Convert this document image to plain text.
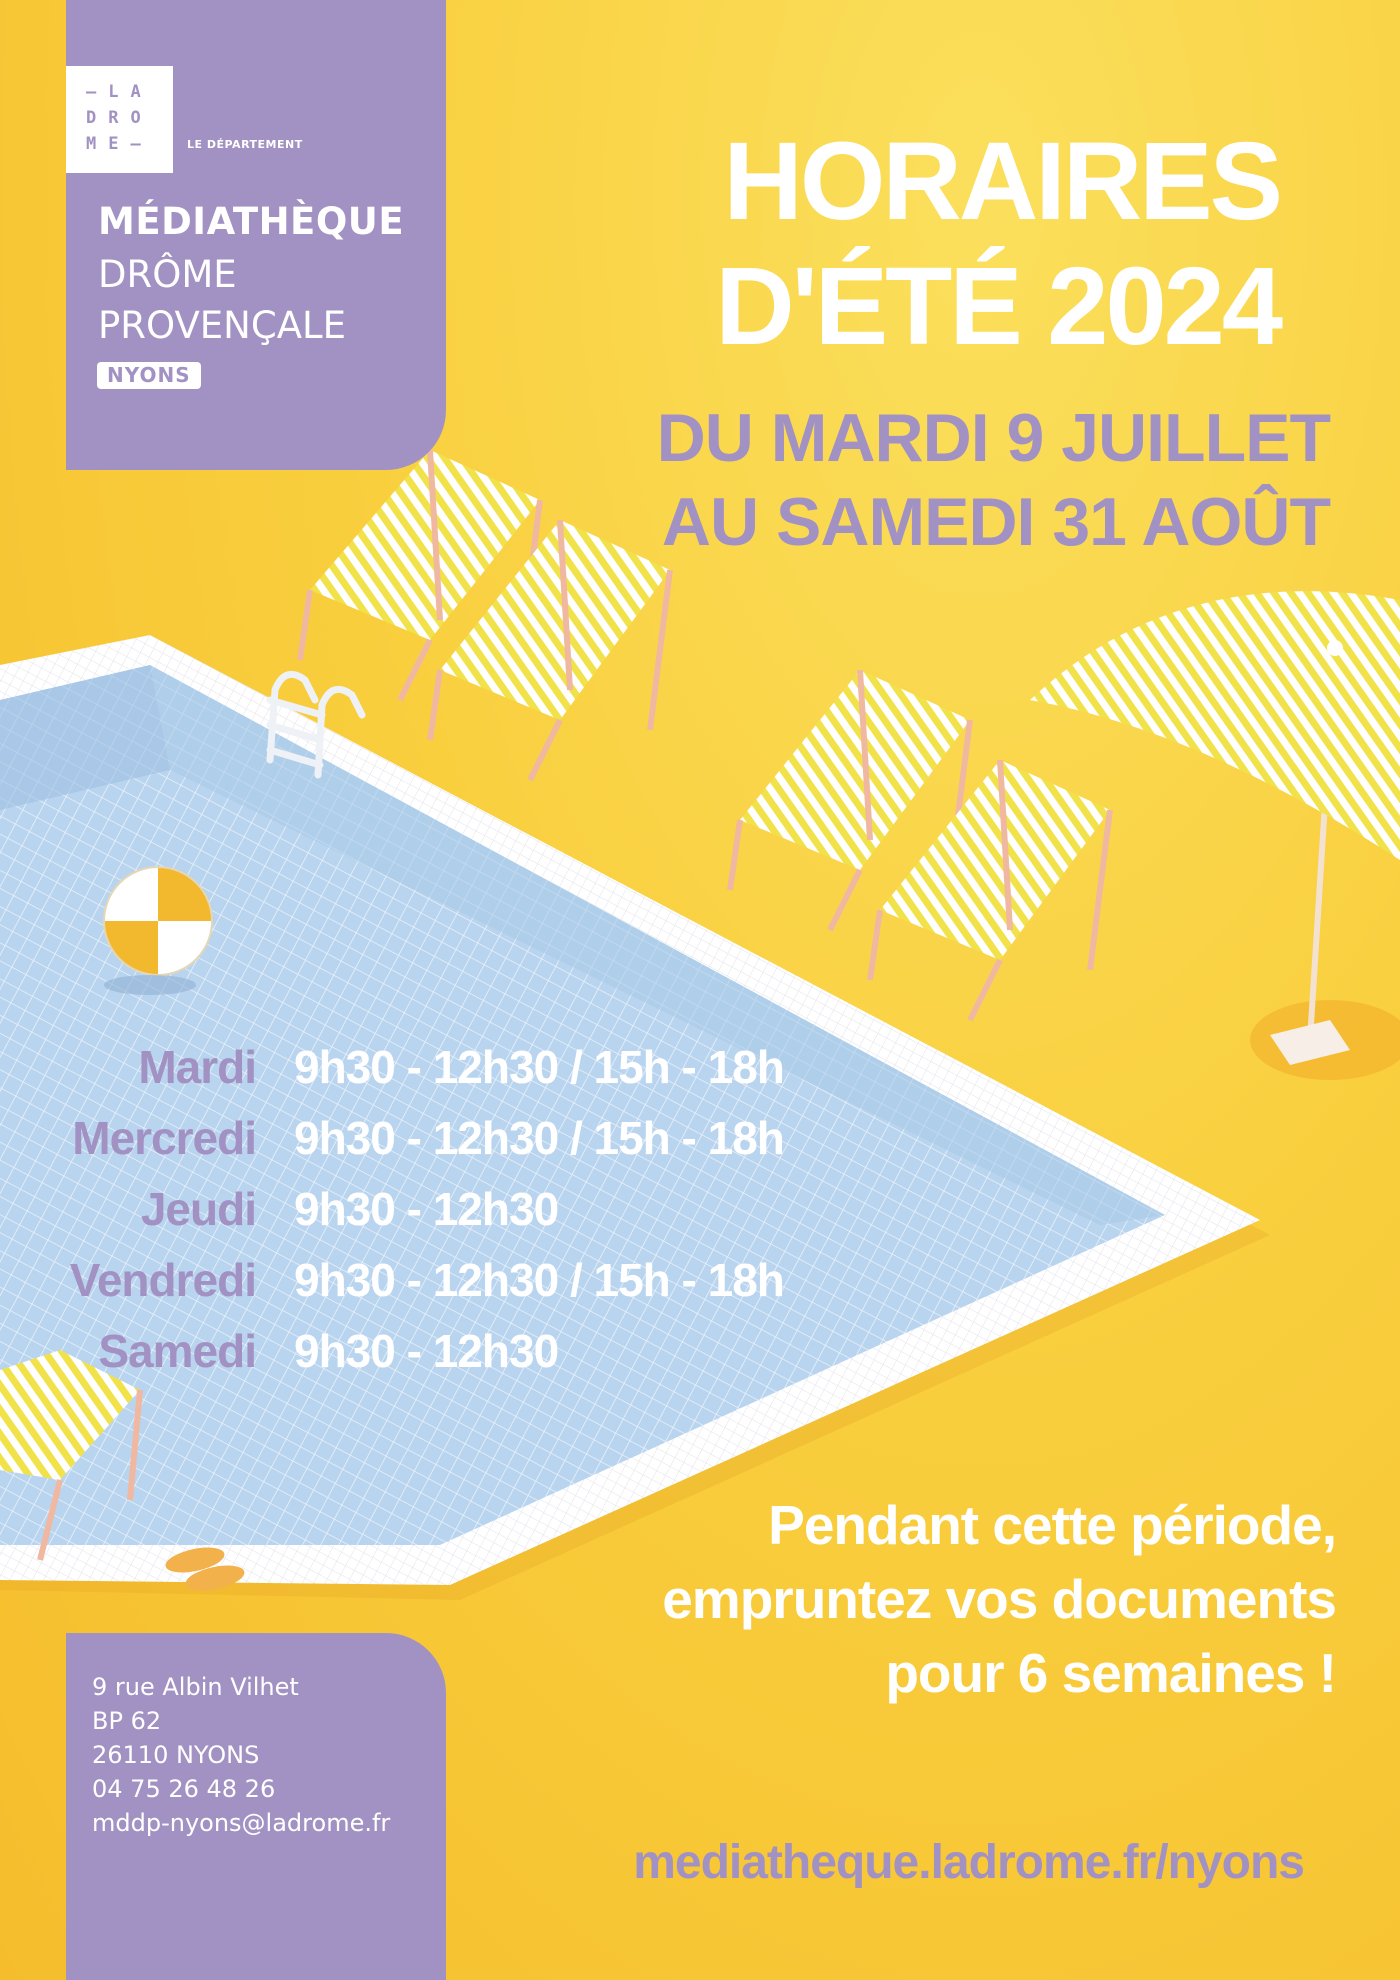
–LA
DRO
ME–	LE DÉPARTEMENT
MÉDIATHÈQUE
DRÔME
PROVENÇALE
NYONS
HORAIRES
D'ÉTÉ 2024
DU MARDI 9 JUILLET
AU SAMEDI 31 AOÛT
Mardi 9h30 - 12h30 / 15h - 18h
Mercredi 9h30 - 12h30 / 15h - 18h
Jeudi 9h30 - 12h30
Vendredi 9h30 - 12h30 / 15h - 18h
Samedi 9h30 - 12h30
Pendant cette période,
empruntez vos documents
pour 6 semaines !
9 rue Albin Vilhet
BP 62
26110 NYONS
04 75 26 48 26
mddp-nyons@ladrome.fr
mediatheque.ladrome.fr/nyons
